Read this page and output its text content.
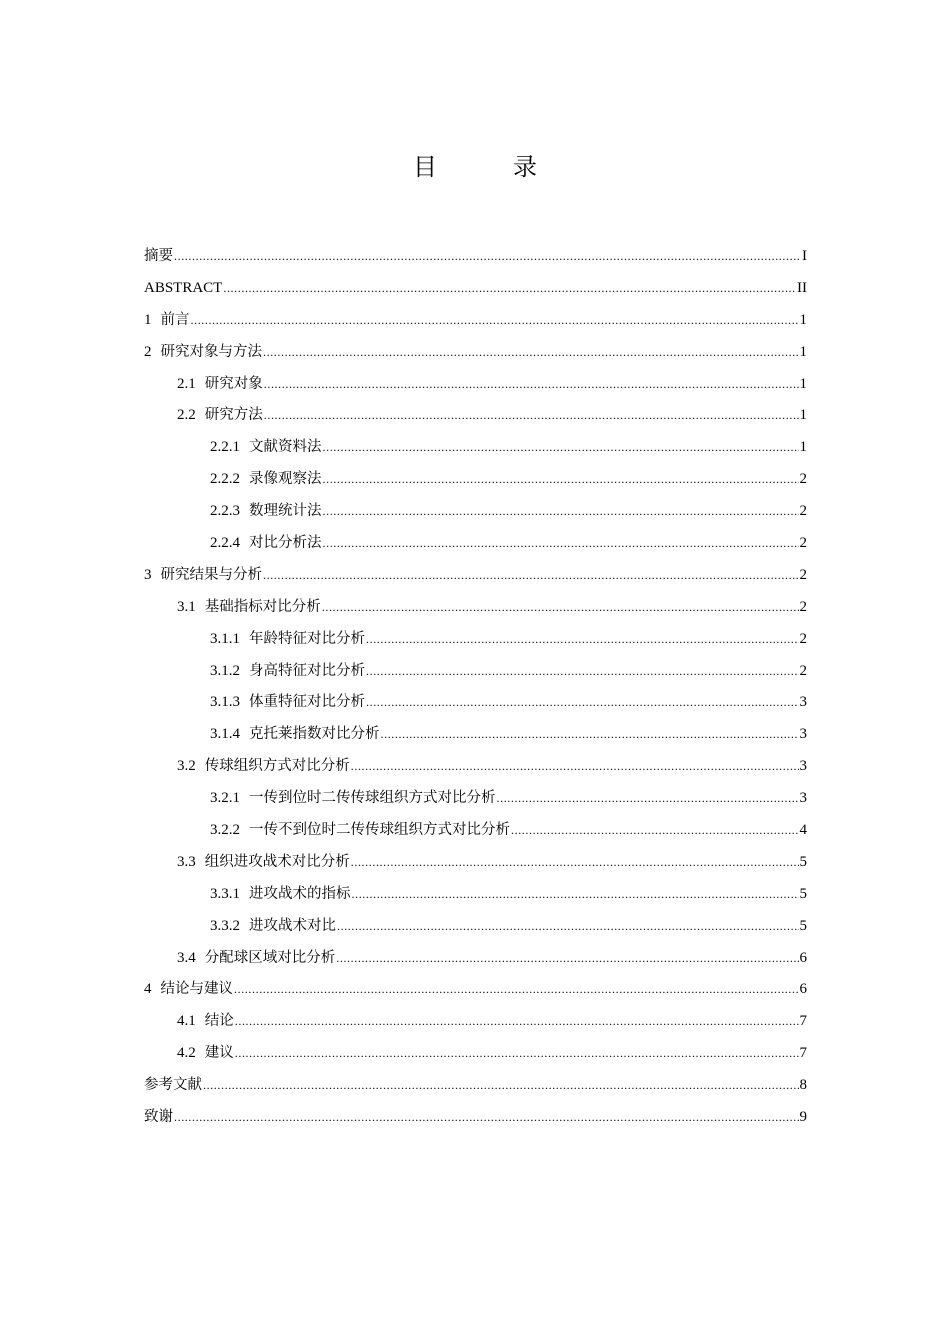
目　录
摘要 .....	I
ABSTRACT .....	II
1 前言 .....	1
2 研究对象与方法 .....	1
2.1 研究对象 .....	1
2.2 研究方法 .....	1
2.2.1 文献资料法 .....	1
2.2.2 录像观察法 .....	2
2.2.3 数理统计法 .....	2
2.2.4 对比分析法 .....	2
3 研究结果与分析 .....	2
3.1 基础指标对比分析 .....	2
3.1.1 年龄特征对比分析 .....	2
3.1.2 身高特征对比分析 .....	2
3.1.3 体重特征对比分析 .....	3
3.1.4 克托莱指数对比分析 .....	3
3.2 传球组织方式对比分析 .....	3
3.2.1 一传到位时二传传球组织方式对比分析 .....	3
3.2.2 一传不到位时二传传球组织方式对比分析 .....	4
3.3 组织进攻战术对比分析 .....	5
3.3.1 进攻战术的指标 .....	5
3.3.2 进攻战术对比 .....	5
3.4 分配球区域对比分析 .....	6
4 结论与建议 .....	6
4.1 结论 .....	7
4.2 建议 .....	7
参考文献 .....	8
致谢 .....	9
